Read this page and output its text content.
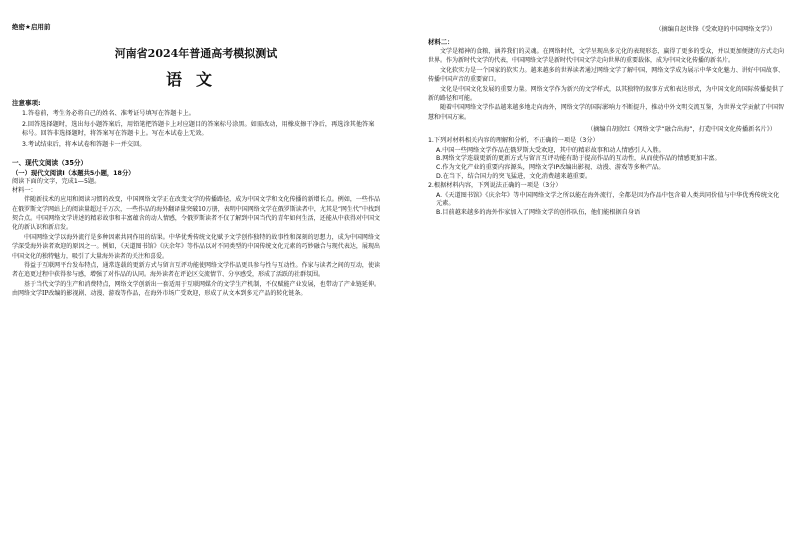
绝密★启用前
河南省2024年普通高考模拟测试
语文
注意事项:

1.答卷前，考生务必将自己的姓名、准考证号填写在答题卡上。

2.回答选择题时，选出每小题答案后，用铅笔把答题卡上对应题目的答案标号涂黑。如需改动，用橡皮擦干净后，再选涂其他答案标号。回答非选择题时，将答案写在答题卡上。写在本试卷上无效。

3.考试结束后，将本试卷和答题卡一并交回。

一、现代文阅读（35分）
（一）现代文阅读Ⅰ（本题共5小题，18分）
阅读下面的文字，完成1—5题。
材料一：

伴随新技术的应用和阅读习惯的改变，中国网络文学正在改变文学的传播路径，成为中国文学和文化传播的新增长点。例如，一些作品在俄罗斯文学网站上的阅读量超过千万次，一些作品的海外翻译量突破10万册，表明中国网络文学在俄罗斯读者中，尤其是“网生代”中找到契合点。中国网络文学讲述的精彩故事和丰富蕴含的动人情感，令俄罗斯读者不仅了解到中国当代的青年如何生活，还能从中获得对中国文化的新认识和新启发。

中国网络文学以海外流行是多种因素共同作用的结果。中华优秀传统文化赋予文学创作独特的故事性和深刻的思想力，成为中国网络文学深受海外读者欢迎的原因之一。例如，《天道图书馆》《庆余年》等作品以对不同类型的中国传统文化元素的巧妙融合与现代表达，展现出中国文化的独特魅力，吸引了大量海外读者的关注和喜爱。

得益于互联网平台发布特点，通常连载的更新方式与留言互评功能使网络文学作品更具参与性与互动性。作家与读者之间的互动，使读者在追更过程中获得参与感，增强了对作品的认同。海外读者在评论区交流情节、分享感受，形成了活跃的社群氛围。

基于当代文学的生产和消费特点，网络文学创新出一套适用于互联网媒介的文学生产机制，不仅赋能产业发展，也带动了产业链延伸。由网络文学IP改编的影视剧、动漫、游戏等作品，在海外市场广受欢迎，形成了从文本到多元产品的转化链条。

（摘编自赵世锋《受欢迎的中国网络文学》）
材料二：

文学是精神的食粮，涵养我们的灵魂。在网络时代，文学呈现出多元化的表现形态，赢得了更多的受众，并以更加便捷的方式走向世界。作为新时代文学的代表，中国网络文学是新时代中国文学走向世界的重要载体，成为中国文化传播的新名片。

文化软实力是一个国家的软实力。越来越多的世界读者通过网络文学了解中国，网络文学成为展示中华文化魅力、讲好中国故事、传播中国声音的重要窗口。

文化是中国文化发展的重要力量。网络文学作为新兴的文学样式，以其独特的叙事方式和表达形式，为中国文化的国际传播提供了新的路径和可能。

随着中国网络文学作品越来越多地走向海外，网络文学的国际影响力不断提升，推动中外文明交流互鉴，为世界文学贡献了中国智慧和中国方案。

（摘编自胡欣红《网络文学“融合出海”，打造中国文化传播新名片》）
1.下列对材料相关内容的理解和分析，不正确的一项是（3分）
A.中国一些网络文学作品在俄罗斯大受欢迎，其中的精彩故事和动人情感引人入胜。
B.网络文学连载更新的更新方式与留言互评功能有助于提高作品的互动性，从而使作品的情感更加丰富。
C.作为文化产业的重要内容源头，网络文学IP改编出影视、动漫、游戏等多种产品。
D.在当下，结合国力的突飞猛进，文化消费越来越重要。
2.根据材料内容，下列说法正确的一项是（3分）
A.《天道图书馆》《庆余年》等中国网络文学之所以能在海外流行，全都是因为作品中包含着人类共同价值与中华优秀传统文化元素。
B.目前越来越多的海外作家加入了网络文学的创作队伍，他们能根据自身语
